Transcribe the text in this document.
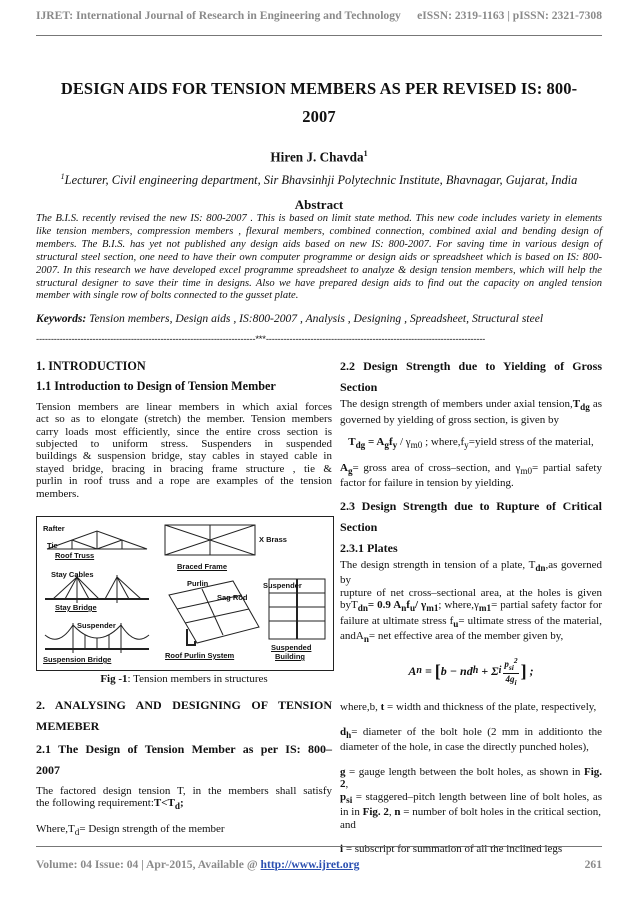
IJRET: International Journal of Research in Engineering and Technology eISSN: 2319-1163 | pISSN: 2321-7308
DESIGN AIDS FOR TENSION MEMBERS AS PER REVISED IS: 800-
2007
Hiren J. Chavda$^1$
$^1$Lecturer, Civil engineering department, Sir Bhavsinhji Polytechnic Institute, Bhavnagar, Gujarat, India
Abstract
The B.I.S. recently revised the new IS: 800-2007 . This is based on limit state method. This new code includes variety in elements
like tension members, compression members , flexural members, combined connection, combined axial and bending design of
members. The B.I.S. has yet not published any design aids based on new IS: 800-2007. For saving time in various design of
structural steel section, one need to have their own computer programme or design aids or spreadsheet which is based on IS: 800-
2007. In this research we have developed excel programme spreadsheet to analyze & design tension members, which will help the
structural designer to save their time in designs. Also we have prepared design aids to find out the capacity on angled tension
member with single row of bolts connected to the gusset plate.
Keywords: Tension members, Design aids , IS:800-2007 , Analysis , Designing , Spreadsheet, Structural steel
--------------------------------------------------------------------------***--------------------------------------------------------------------------
1. INTRODUCTION
1.1 Introduction to Design of Tension Member
Tension members are linear members in which axial forces
act so as to elongate (stretch) the member. Tension members
carry loads most efficiently, since the entire cross section is
subjected to uniform stress. Suspenders in suspended
buildings & suspension bridge, stay cables in stayed cable in
stayed bridge, bracing in bracing frame structure , tie &
purlin in roof truss and a rope are examples of the tension
members.
Rafter
Tie
Roof Truss
X Brass
Braced Frame
Stay Cables
Stay Bridge
Purlin
Sag Rod
Suspender
Suspender
Suspension Bridge	Roof Purlin System
Suspended
Building
Fig -1: Tension members in structures
2. ANALYSING AND DESIGNING OF TENSION
MEMEBER
2.1 The Design of Tension Member as per IS: 800–
2007
The factored design tension T, in the members shall satisfy
the following $requirement:T<T_d$;
$Where,T_d=$ Design strength of the member
2.2 Design Strength due to Yielding of Gross
Section
The design strength of members under axial $tension,T_{dg}$ as
governed by yielding of gross section, is given by
$T_{dg} = A_gf_y / \gamma_{m0}$ ; $where,f_y=yield$ stress of the material,
$A_g=$ gross area of cross–section, and $\gamma_{m0}=$ partial safety
factor for failure in tension by yielding.
2.3 Design Strength due to Rupture of Critical
Section
2.3.1 Plates
The design strength in tension of a plate, $T_{dn},as$ governed by
rupture of net cross–sectional area, at the holes is given
byT$_{dn}$= 0.9 $A_nf_u/$ $\gamma_{m1}$; $where,\gamma_{m1}=$ partial safety factor for
failure at ultimate stress $f_u=$ ultimate stress of the material,
andA$_n$= net effective area of the member given by,
A n = [ b − nd h + Σ i
$p_{si}^2$
$4g_i$
] ;
where,b, t = width and thickness of the plate, respectively,
$d_h=$ diameter of the bolt hole (2 mm in additionto the
diameter of the hole, in case the directly punched holes),
g = gauge length between the bolt holes, as shown in Fig. 2,
$p_{si}$ = staggered–pitch length between line of bolt holes, as
in in Fig. 2, n = number of bolt holes in the critical section,
and
i = subscript for summation of all the inclined legs
Volume: 04 Issue: 04 | Apr-2015, Available @ http://www.ijret.org	261
